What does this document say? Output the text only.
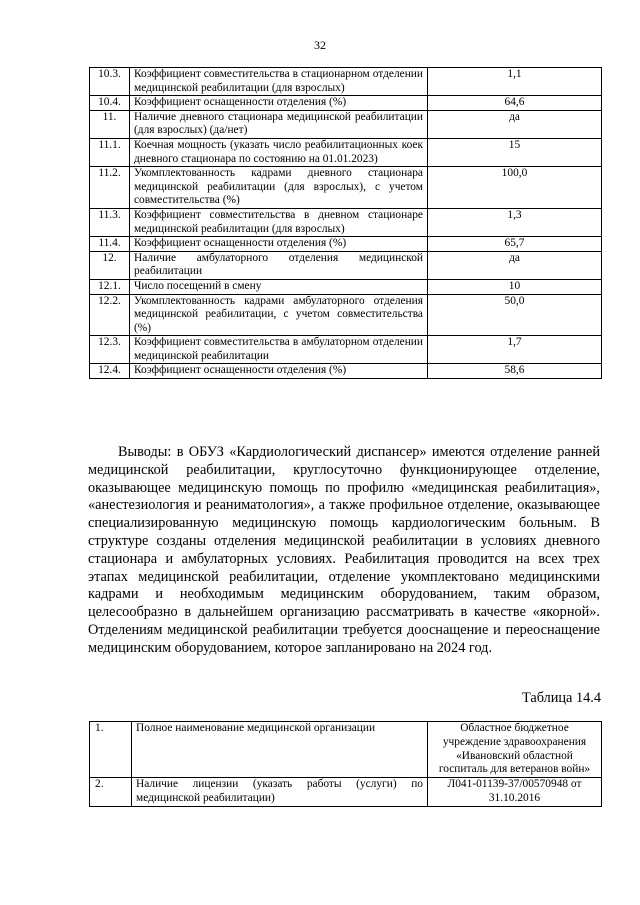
32
10.3.	Коэффициент совместительства в стационарном отделении медицинской реабилитации (для взрослых)	1,1
10.4.	Коэффициент оснащенности отделения (%)	64,6
11.	Наличие дневного стационара медицинской реабилитации (для взрослых) (да/нет)	да
11.1.	Коечная мощность (указать число реабилитационных коек дневного стационара по состоянию на 01.01.2023)	15
11.2.	Укомплектованность кадрами дневного стационара медицинской реабилитации (для взрослых), с учетом совместительства (%)	100,0
11.3.	Коэффициент совместительства в дневном стационаре медицинской реабилитации (для взрослых)	1,3
11.4.	Коэффициент оснащенности отделения (%)	65,7
12.	Наличие амбулаторного отделения медицинской реабилитации	да
12.1.	Число посещений в смену	10
12.2.	Укомплектованность кадрами амбулаторного отделения медицинской реабилитации, с учетом совместительства (%)	50,0
12.3.	Коэффициент совместительства в амбулаторном отделении медицинской реабилитации	1,7
12.4.	Коэффициент оснащенности отделения (%)	58,6

Выводы: в ОБУЗ «Кардиологический диспансер» имеются отделение ранней медицинской реабилитации, круглосуточно функционирующее отделение, оказывающее медицинскую помощь по профилю «медицинская реабилитация», «анестезиология и реаниматология», а также профильное отделение, оказывающее специализированную медицинскую помощь кардиологическим больным. В структуре созданы отделения медицинской реабилитации в условиях дневного стационара и амбулаторных условиях. Реабилитация проводится на всех трех этапах медицинской реабилитации, отделение укомплектовано медицинскими кадрами и необходимым медицинским оборудованием, таким образом, целесообразно в дальнейшем организацию рассматривать в качестве «якорной». Отделениям медицинской реабилитации требуется дооснащение и переоснащение медицинским оборудованием, которое запланировано на 2024 год.

Таблица 14.4
1.	Полное наименование медицинской организации	Областное бюджетное учреждение здравоохранения «Ивановский областной госпиталь для ветеранов войн»
2.	Наличие лицензии (указать работы (услуги) по медицинской реабилитации)	Л041-01139-37/00570948 от 31.10.2016
